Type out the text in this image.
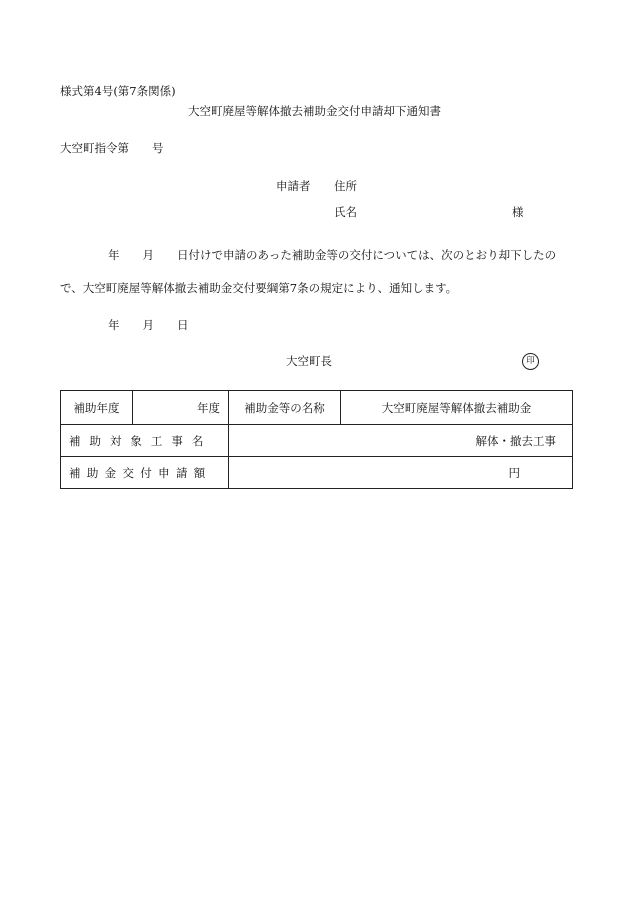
様式第4号(第7条関係)
大空町廃屋等解体撤去補助金交付申請却下通知書
大空町指令第　　号
申請者 住所
氏名	様
年　　月　　日付けで申請のあった補助金等の交付については、次のとおり却下したの
で、大空町廃屋等解体撤去補助金交付要綱第7条の規定により、通知します。
年　　月　　日
大空町長	印
補助年度	年度	補助金等の名称	大空町廃屋等解体撤去補助金
補助対象工事名		解体・撤去工事	
補助金交付申請額		円	
